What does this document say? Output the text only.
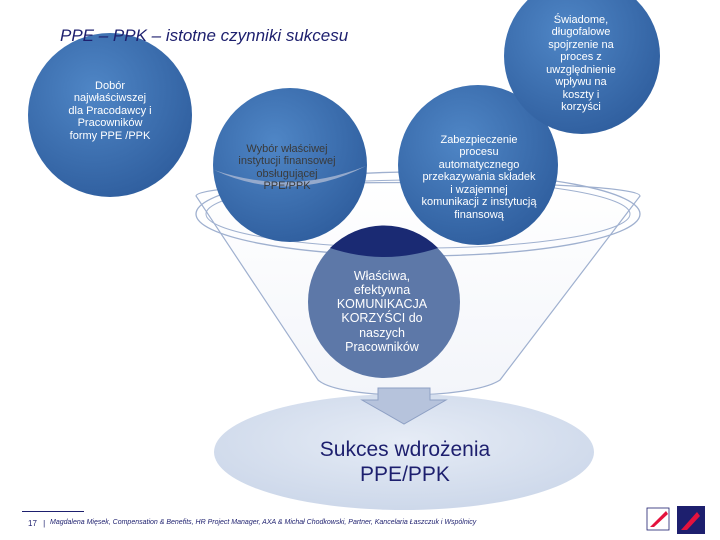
PPE – PPK – istotne czynniki sukcesu
Dobór
najwłaściwszej
dla Pracodawcy i
Pracowników
formy PPE /PPK
Wybór właściwej
instytucji finansowej
obsługującej
PPE/PPK
Zabezpieczenie
procesu
automatycznego
przekazywania składek
i wzajemnej
komunikacji z instytucją
finansową
Świadome,
długofalowe
spojrzenie na
proces z
uwzględnienie
wpływu na
koszty i
korzyści
Właściwa,
efektywna
KOMUNIKACJA
KORZYŚCI do
naszych
Pracowników
Sukces wdrożenia
PPE/PPK
17 | Magdalena Mięsek, Compensation & Benefits, HR Project Manager, AXA & Michał Chodkowski, Partner, Kancelaria Łaszczuk i Wspólnicy
